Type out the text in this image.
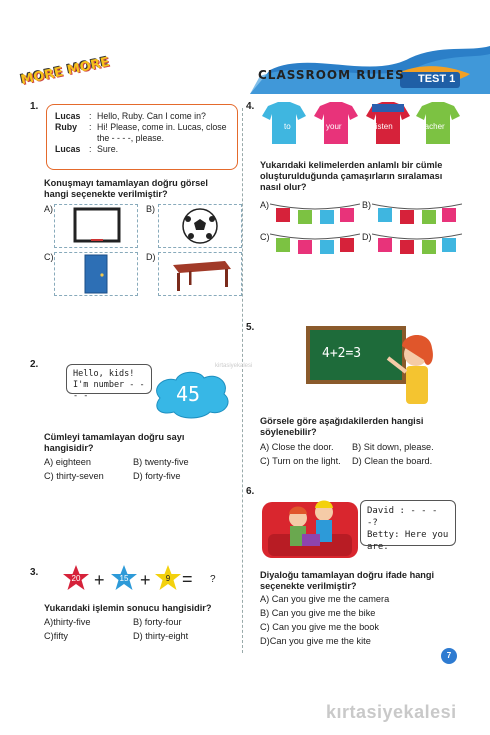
MORE MORE	CLASSROOM RULES TEST 1
1.
Lucas : Hello, Ruby. Can I come in?
Ruby	: Hi! Please, come in. Lucas, close the - - - -, please.
Lucas : Sure.
Konuşmayı tamamlayan doğru görsel hangi seçenekte verilmiştir?
A)	B)
C)	D)
2.
Hello, kids! I'm number - - - -	45
Cümleyi tamamlayan doğru sayı hangisidir?
A) eighteen	B) twenty-five
C) thirty-seven	D) forty-five
3.
20 +	15 +	9 = ?
Yukarıdaki işlemin sonucu hangisidir?
A)thirty-five	B) forty-four
C)fifty	D) thirty-eight
4.
to	your	listen	teacher
Yukarıdaki kelimelerden anlamlı bir cümle oluşturulduğunda çamaşırların sıralaması nasıl olur?
A)	B)
C)	D)
5.
kirtasiyekalesi
4+2=3
Görsele göre aşağıdakilerden hangisi söylenebilir?
A) Close the door. B) Sit down, please.
C) Turn on the light. D) Clean the board.
6.
David : - - - -?
Betty: Here you are.
Diyaloğu tamamlayan doğru ifade hangi seçenekte verilmiştir?
A) Can you give me the camera
B) Can you give me the bike
C) Can you give me the book
D)Can you give me the kite
7
kırtasiyekalesi
